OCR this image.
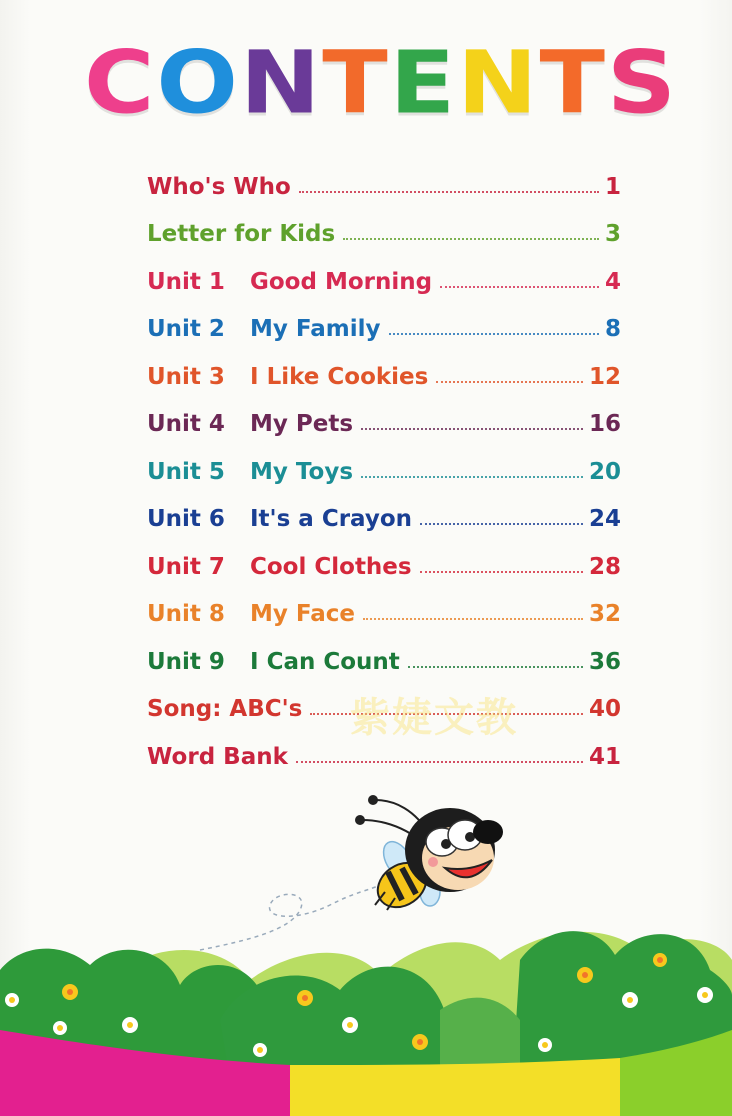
C O N T E N T S
Who's Who	1
Letter for Kids	3
Unit 1	Good Morning	4
Unit 2	My Family	8
Unit 3	I Like Cookies	12
Unit 4	My Pets	16
Unit 5	My Toys	20
Unit 6	It's a Crayon	24
Unit 7	Cool Clothes	28
Unit 8	My Face	32
Unit 9	I Can Count	36
Song: ABC's	40
Word Bank	41
紫婕文教
